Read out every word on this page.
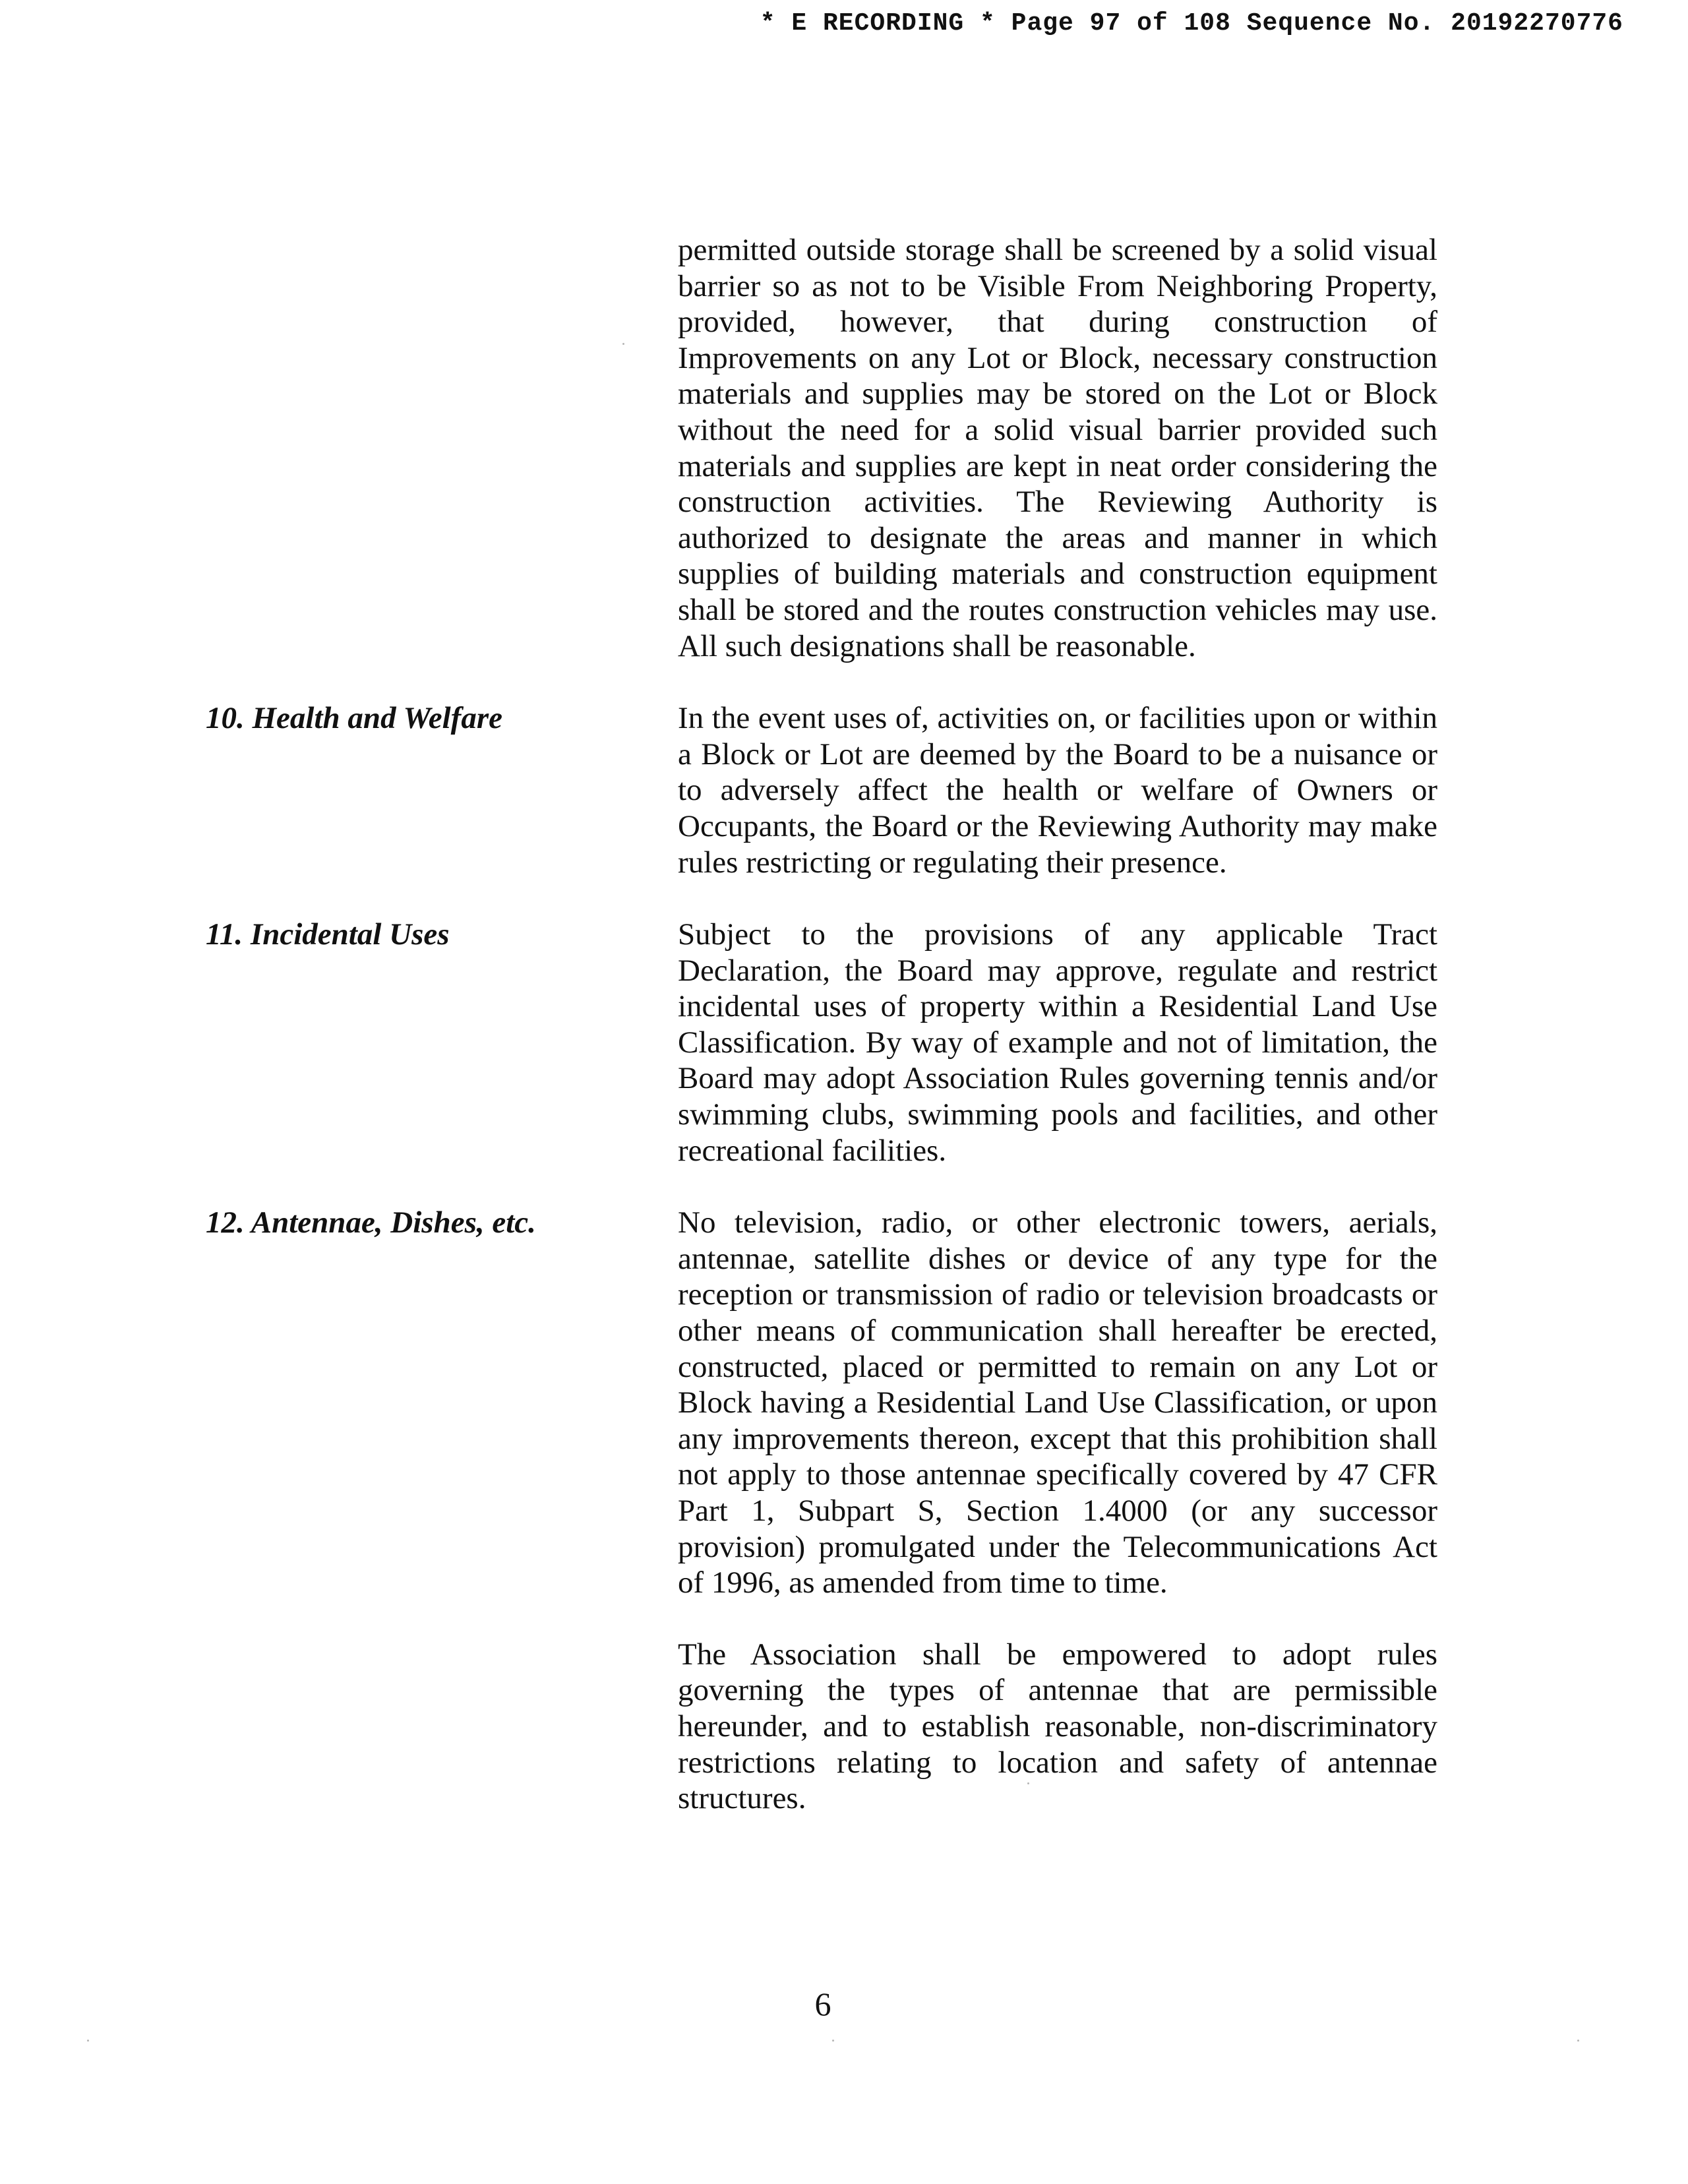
* E RECORDING * Page 97 of 108 Sequence No. 20192270776

permitted outside storage shall be screened by a solid visual barrier so as not to be Visible From Neighboring Property, provided, however, that during construction of Improvements on any Lot or Block, necessary construction materials and supplies may be stored on the Lot or Block without the need for a solid visual barrier provided such materials and supplies are kept in neat order considering the construction activities. The Reviewing Authority is authorized to designate the areas and manner in which supplies of building materials and construction equipment shall be stored and the routes construction vehicles may use. All such designations shall be reasonable.

10. Health and Welfare	In the event uses of, activities on, or facilities upon or within a Block or Lot are deemed by the Board to be a nuisance or to adversely affect the health or welfare of Owners or Occupants, the Board or the Reviewing Authority may make rules restricting or regulating their presence.

11. Incidental Uses	Subject to the provisions of any applicable Tract Declaration, the Board may approve, regulate and restrict incidental uses of property within a Residential Land Use Classification. By way of example and not of limitation, the Board may adopt Association Rules governing tennis and/or swimming clubs, swimming pools and facilities, and other recreational facilities.

12. Antennae, Dishes, etc.	No television, radio, or other electronic towers, aerials, antennae, satellite dishes or device of any type for the reception or transmission of radio or television broadcasts or other means of communication shall hereafter be erected, constructed, placed or permitted to remain on any Lot or Block having a Residential Land Use Classification, or upon any improvements thereon, except that this prohibition shall not apply to those antennae specifically covered by 47 CFR Part 1, Subpart S, Section 1.4000 (or any successor provision) promulgated under the Telecommunications Act of 1996, as amended from time to time.

The Association shall be empowered to adopt rules governing the types of antennae that are permissible hereunder, and to establish reasonable, non-discriminatory restrictions relating to location and safety of antennae structures.

6
